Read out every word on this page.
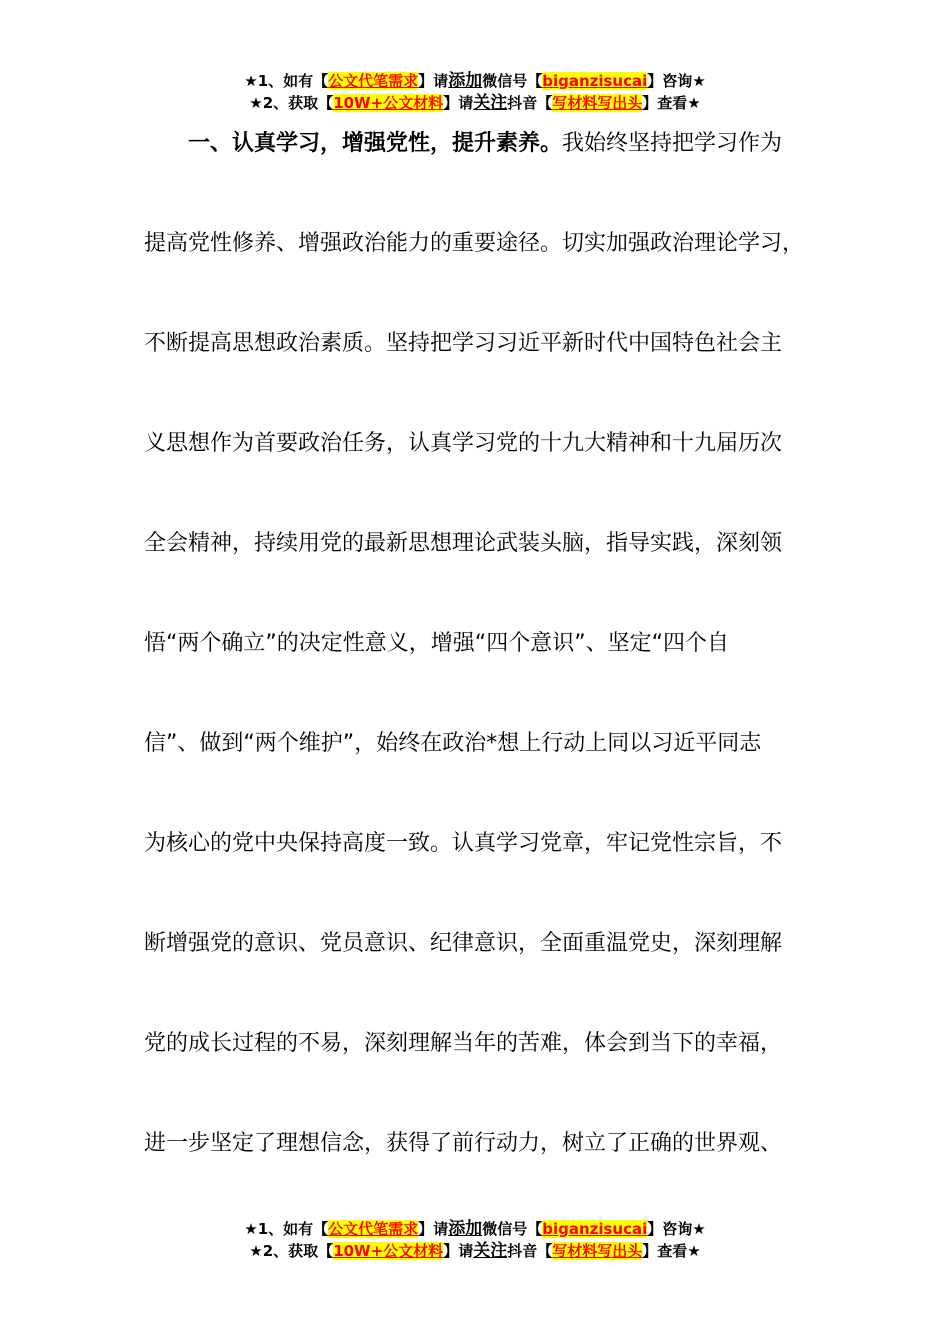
★1、如有【公文代笔需求】请添加微信号【biganzisucai】咨询★
★2、获取【10W+公文材料】请关注抖音【写材料写出头】查看★
一、认真学习，增强党性，提升素养。我始终坚持把学习作为
提高党性修养、增强政治能力的重要途径。切实加强政治理论学习，
不断提高思想政治素质。坚持把学习习近平新时代中国特色社会主
义思想作为首要政治任务，认真学习党的十九大精神和十九届历次
全会精神，持续用党的最新思想理论武装头脑，指导实践，深刻领
悟“两个确立”的决定性意义，增强“四个意识”、坚定“四个自
信”、做到“两个维护”，始终在政治*想上行动上同以习近平同志
为核心的党中央保持高度一致。认真学习党章，牢记党性宗旨，不
断增强党的意识、党员意识、纪律意识，全面重温党史，深刻理解
党的成长过程的不易，深刻理解当年的苦难，体会到当下的幸福，
进一步坚定了理想信念，获得了前行动力，树立了正确的世界观、
★1、如有【公文代笔需求】请添加微信号【biganzisucai】咨询★
★2、获取【10W+公文材料】请关注抖音【写材料写出头】查看★
